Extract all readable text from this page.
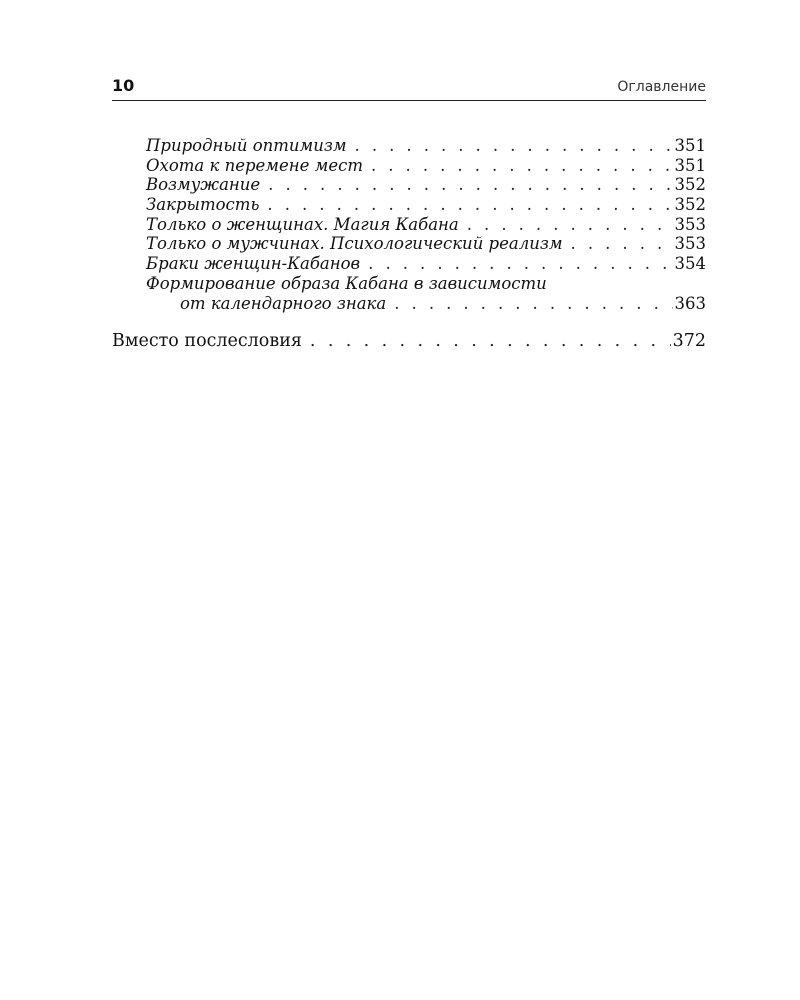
10	Оглавление
Природный оптимизм . . .	351
Охота к перемене мест . . .	351
Возмужание . . .	352
Закрытость . . .	352
Только о женщинах. Магия Кабана . . .	353
Только о мужчинах. Психологический реализм . . .	353
Браки женщин-Кабанов . . .	354
Формирование образа Кабана в зависимости
от календарного знака . . .	363
Вместо послесловия . . .	372
